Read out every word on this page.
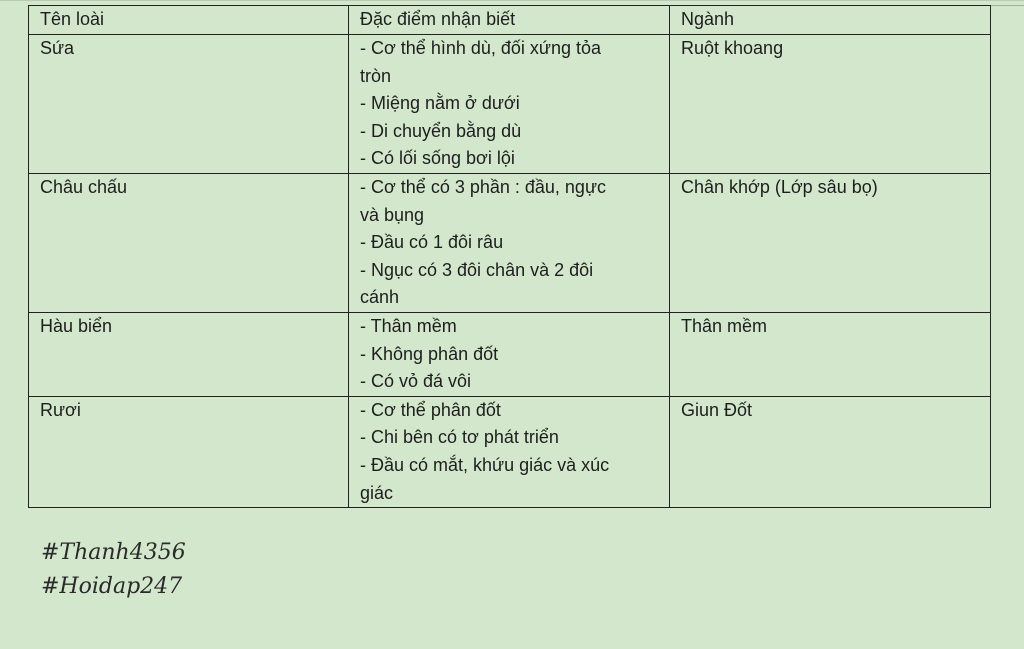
Tên loài	Đặc điểm nhận biết	Ngành
Sứa	- Cơ thể hình dù, đối xứng tỏa
tròn
- Miệng nằm ở dưới
- Di chuyển bằng dù
- Có lối sống bơi lội	Ruột khoang
Châu chấu	- Cơ thể có 3 phần : đầu, ngực
và bụng
- Đầu có 1 đôi râu
- Ngục có 3 đôi chân và 2 đôi
cánh	Chân khớp (Lớp sâu bọ)
Hàu biển	- Thân mềm
- Không phân đốt
- Có vỏ đá vôi	Thân mềm
Rươi	- Cơ thể phân đốt
- Chi bên có tơ phát triển
- Đầu có mắt, khứu giác và xúc
giác	Giun Đốt
#Thanh4356
#Hoidap247
